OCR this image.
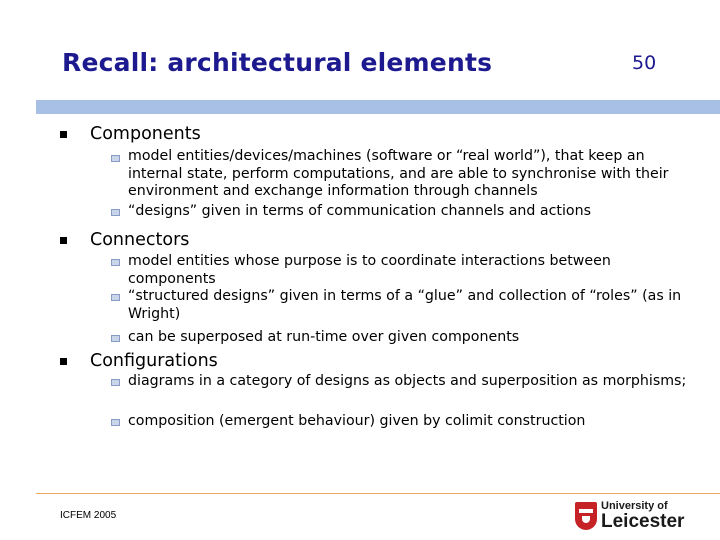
Recall: architectural elements	50
Components
model entities/devices/machines (software or “real world”), that keep an internal state, perform computations, and are able to synchronise with their environment and exchange information through channels
“designs” given in terms of communication channels and actions
Connectors
model entities whose purpose is to coordinate interactions between components
“structured designs” given in terms of a “glue” and collection of “roles” (as in Wright)
can be superposed at run-time over given components
Configurations
diagrams in a category of designs as objects and superposition as morphisms;
composition (emergent behaviour) given by colimit construction
ICFEM 2005
University of
Leicester
